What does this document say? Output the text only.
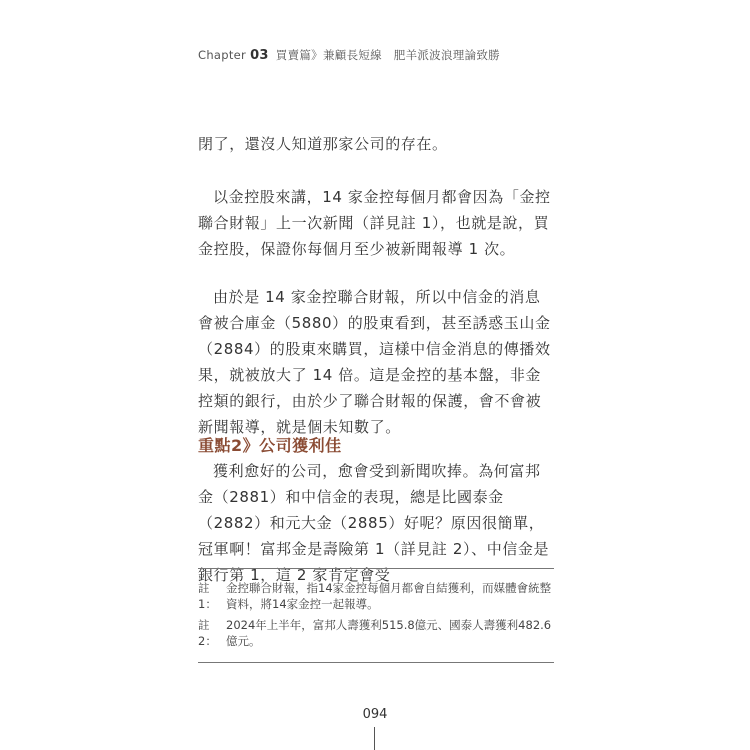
Chapter 03 買賣篇》兼顧長短線　肥羊派波浪理論致勝

閉了，還沒人知道那家公司的存在。

以金控股來講，14 家金控每個月都會因為「金控聯合財報」上一次新聞（詳見註 1），也就是說，買金控股，保證你每個月至少被新聞報導 1 次。

由於是 14 家金控聯合財報，所以中信金的消息會被合庫金（5880）的股東看到，甚至誘惑玉山金（2884）的股東來購買，這樣中信金消息的傳播效果，就被放大了 14 倍。這是金控的基本盤，非金控類的銀行，由於少了聯合財報的保護，會不會被新聞報導，就是個未知數了。

重點2》公司獲利佳

獲利愈好的公司，愈會受到新聞吹捧。為何富邦金（2881）和中信金的表現，總是比國泰金（2882）和元大金（2885）好呢？原因很簡單，冠軍啊！富邦金是壽險第 1（詳見註 2）、中信金是銀行第 1，這 2 家肯定會受

註1：
金控聯合財報，指14家金控每個月都會自結獲利，而媒體會統整資料，將14家金控一起報導。
註2：
2024年上半年，富邦人壽獲利515.8億元、國泰人壽獲利482.6億元。
094
